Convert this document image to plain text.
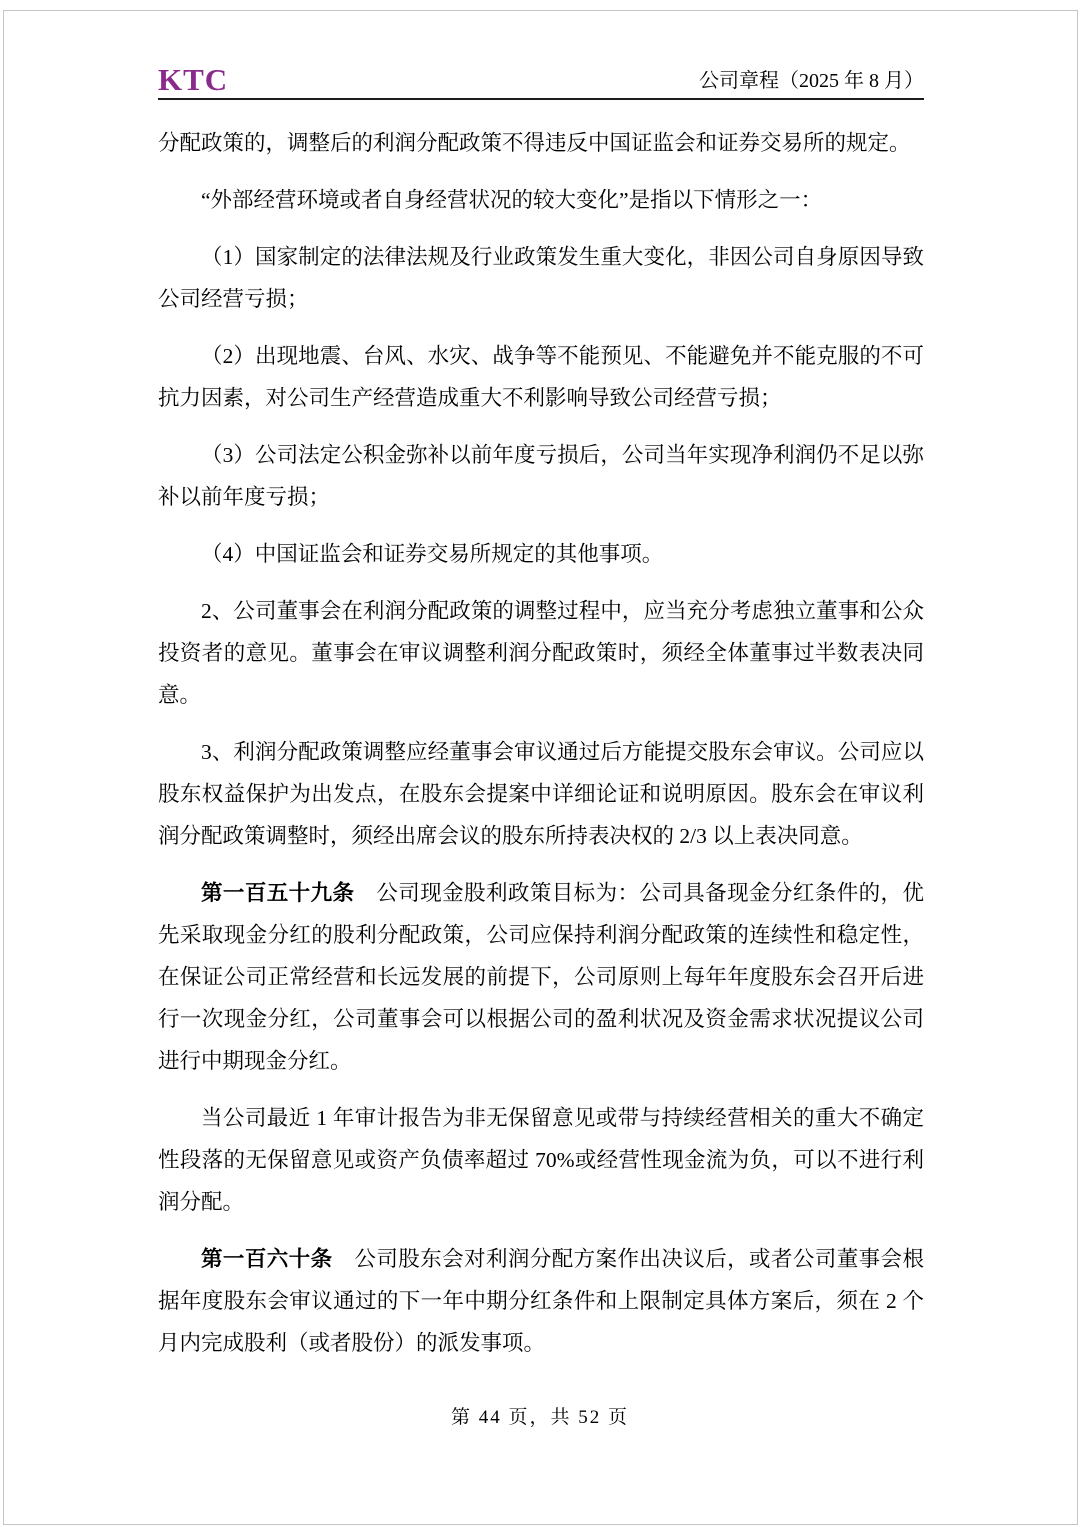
KTC	公司章程（2025 年 8 月）

分配政策的，调整后的利润分配政策不得违反中国证监会和证券交易所的规定。

“外部经营环境或者自身经营状况的较大变化”是指以下情形之一：

（1）国家制定的法律法规及行业政策发生重大变化，非因公司自身原因导致公司经营亏损；

（2）出现地震、台风、水灾、战争等不能预见、不能避免并不能克服的不可抗力因素，对公司生产经营造成重大不利影响导致公司经营亏损；

（3）公司法定公积金弥补以前年度亏损后，公司当年实现净利润仍不足以弥补以前年度亏损；

（4）中国证监会和证券交易所规定的其他事项。

2、公司董事会在利润分配政策的调整过程中，应当充分考虑独立董事和公众投资者的意见。董事会在审议调整利润分配政策时，须经全体董事过半数表决同意。

3、利润分配政策调整应经董事会审议通过后方能提交股东会审议。公司应以股东权益保护为出发点，在股东会提案中详细论证和说明原因。股东会在审议利润分配政策调整时，须经出席会议的股东所持表决权的 2/3 以上表决同意。

第一百五十九条　公司现金股利政策目标为：公司具备现金分红条件的，优先采取现金分红的股利分配政策，公司应保持利润分配政策的连续性和稳定性，在保证公司正常经营和长远发展的前提下，公司原则上每年年度股东会召开后进行一次现金分红，公司董事会可以根据公司的盈利状况及资金需求状况提议公司进行中期现金分红。

当公司最近 1 年审计报告为非无保留意见或带与持续经营相关的重大不确定性段落的无保留意见或资产负债率超过 70%或经营性现金流为负，可以不进行利润分配。

第一百六十条　公司股东会对利润分配方案作出决议后，或者公司董事会根据年度股东会审议通过的下一年中期分红条件和上限制定具体方案后，须在 2 个月内完成股利（或者股份）的派发事项。

第 44 页，共 52 页
